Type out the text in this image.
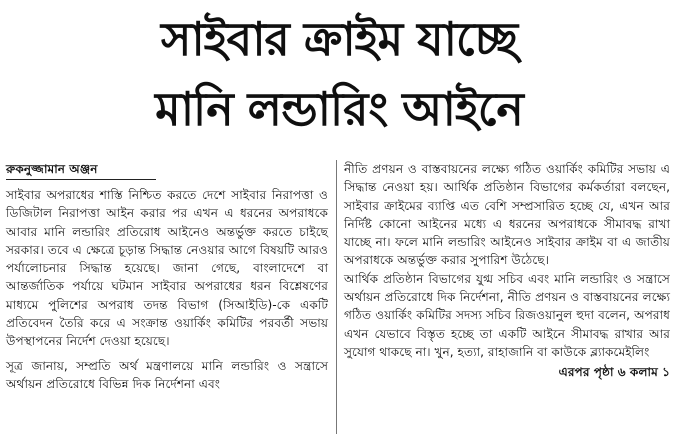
সাইবার ক্রাইম যাচ্ছে
মানি লন্ডারিং আইনে
রুকনুজ্জামান অঞ্জন

সাইবার অপরাধের শাস্তি নিশ্চিত করতে দেশে সাইবার নিরাপত্তা ও ডিজিটাল নিরাপত্তা আইন করার পর এখন এ ধরনের অপরাধকে আবার মানি লন্ডারিং প্রতিরোধ আইনেও অন্তর্ভুক্ত করতে চাইছে সরকার। তবে এ ক্ষেত্রে চূড়ান্ত সিদ্ধান্ত নেওয়ার আগে বিষয়টি আরও পর্যালোচনার সিদ্ধান্ত হয়েছে। জানা গেছে, বাংলাদেশে বা আন্তর্জাতিক পর্যায়ে ঘটমান সাইবার অপরাধের ধরন বিশ্লেষণের মাধ্যমে পুলিশের অপরাধ তদন্ত বিভাগ (সিআইডি)-কে একটি প্রতিবেদন তৈরি করে এ সংক্রান্ত ওয়ার্কিং কমিটির পরবর্তী সভায় উপস্থাপনের নির্দেশ দেওয়া হয়েছে।

সূত্র জানায়, সম্প্রতি অর্থ মন্ত্রণালয়ে মানি লন্ডারিং ও সন্ত্রাসে অর্থায়ন প্রতিরোধে বিভিন্ন দিক নির্দেশনা এবং

নীতি প্রণয়ন ও বাস্তবায়নের লক্ষ্যে গঠিত ওয়ার্কিং কমিটির সভায় এ সিদ্ধান্ত নেওয়া হয়। আর্থিক প্রতিষ্ঠান বিভাগের কর্মকর্তারা বলছেন, সাইবার ক্রাইমের ব্যাপ্তি এত বেশি সম্প্রসারিত হচ্ছে যে, এখন আর নির্দিষ্ট কোনো আইনের মধ্যে এ ধরনের অপরাধকে সীমাবদ্ধ রাখা যাচ্ছে না। ফলে মানি লন্ডারিং আইনেও সাইবার ক্রাইম বা এ জাতীয় অপরাধকে অন্তর্ভুক্ত করার সুপারিশ উঠেছে।

আর্থিক প্রতিষ্ঠান বিভাগের যুগ্ম সচিব এবং মানি লন্ডারিং ও সন্ত্রাসে অর্থায়ন প্রতিরোধে দিক নির্দেশনা, নীতি প্রণয়ন ও বাস্তবায়নের লক্ষ্যে গঠিত ওয়ার্কিং কমিটির সদস্য সচিব রিজওয়ানুল হুদা বলেন, অপরাধ এখন যেভাবে বিস্তৃত হচ্ছে তা একটি আইনে সীমাবদ্ধ রাখার আর সুযোগ থাকছে না। খুন, হত্যা, রাহাজানি বা কাউকে ব্ল্যাকমেইলিং

এরপর পৃষ্ঠা ৬ কলাম ১
